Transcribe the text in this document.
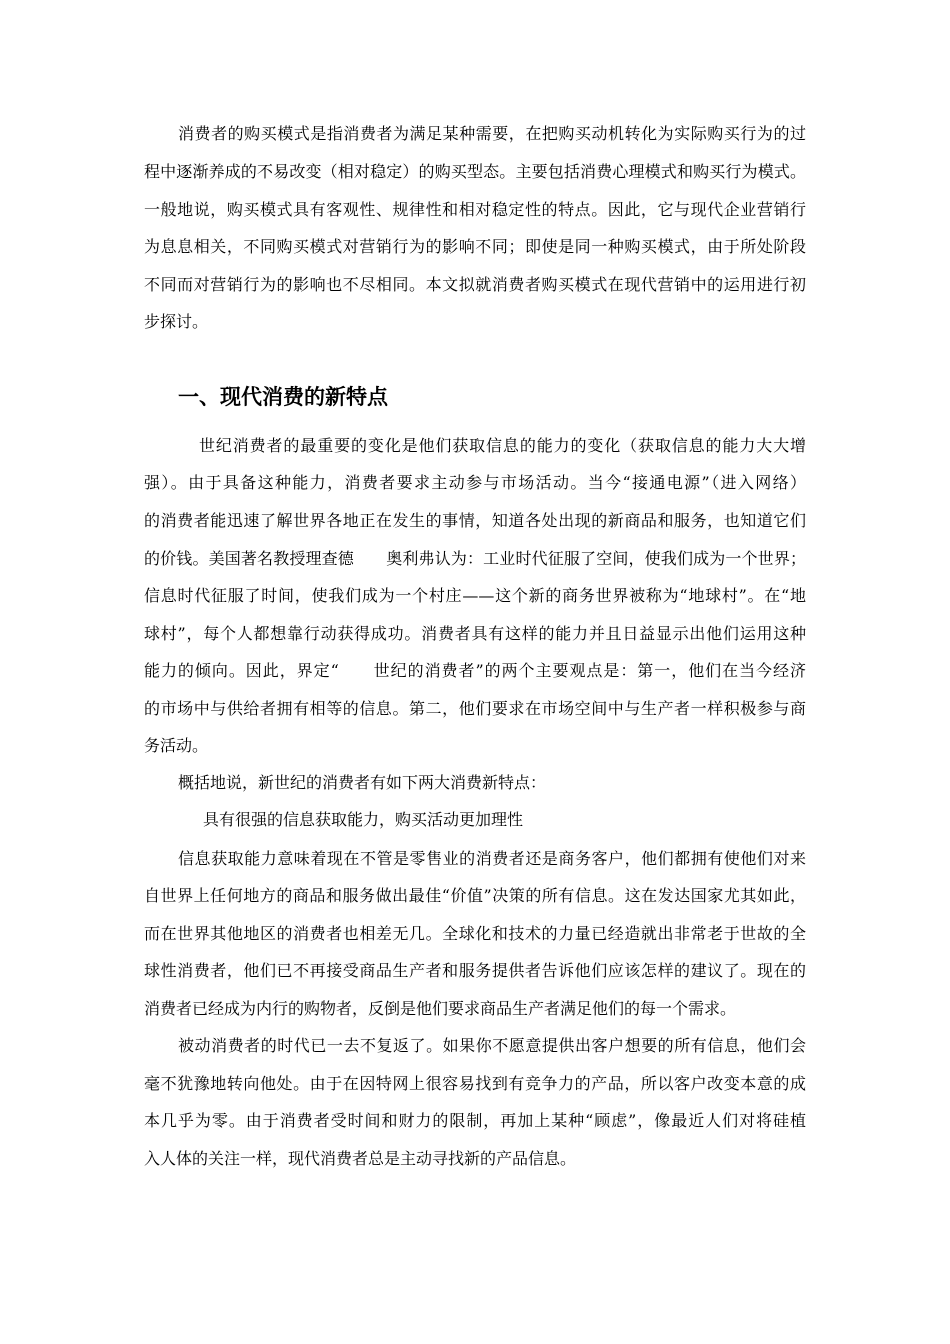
消费者的购买模式是指消费者为满足某种需要，在把购买动机转化为实际购买行为的过
程中逐渐养成的不易改变（相对稳定）的购买型态。主要包括消费心理模式和购买行为模式。
一般地说，购买模式具有客观性、规律性和相对稳定性的特点。因此，它与现代企业营销行
为息息相关，不同购买模式对营销行为的影响不同；即使是同一种购买模式，由于所处阶段
不同而对营销行为的影响也不尽相同。本文拟就消费者购买模式在现代营销中的运用进行初
步探讨。
一、现代消费的新特点
世纪消费者的最重要的变化是他们获取信息的能力的变化（获取信息的能力大大增
强）。由于具备这种能力，消费者要求主动参与市场活动。当今“接通电源”（进入网络）
的消费者能迅速了解世界各地正在发生的事情，知道各处出现的新商品和服务，也知道它们
的价钱。美国著名教授理查德　　奥利弗认为：工业时代征服了空间，使我们成为一个世界；
信息时代征服了时间，使我们成为一个村庄——这个新的商务世界被称为“地球村”。在“地
球村”，每个人都想靠行动获得成功。消费者具有这样的能力并且日益显示出他们运用这种
能力的倾向。因此，界定“　　世纪的消费者”的两个主要观点是：第一，他们在当今经济
的市场中与供给者拥有相等的信息。第二，他们要求在市场空间中与生产者一样积极参与商
务活动。
概括地说，新世纪的消费者有如下两大消费新特点：
具有很强的信息获取能力，购买活动更加理性
信息获取能力意味着现在不管是零售业的消费者还是商务客户，他们都拥有使他们对来
自世界上任何地方的商品和服务做出最佳“价值”决策的所有信息。这在发达国家尤其如此，
而在世界其他地区的消费者也相差无几。全球化和技术的力量已经造就出非常老于世故的全
球性消费者，他们已不再接受商品生产者和服务提供者告诉他们应该怎样的建议了。现在的
消费者已经成为内行的购物者，反倒是他们要求商品生产者满足他们的每一个需求。
被动消费者的时代已一去不复返了。如果你不愿意提供出客户想要的所有信息，他们会
毫不犹豫地转向他处。由于在因特网上很容易找到有竞争力的产品，所以客户改变本意的成
本几乎为零。由于消费者受时间和财力的限制，再加上某种“顾虑”，像最近人们对将硅植
入人体的关注一样，现代消费者总是主动寻找新的产品信息。
